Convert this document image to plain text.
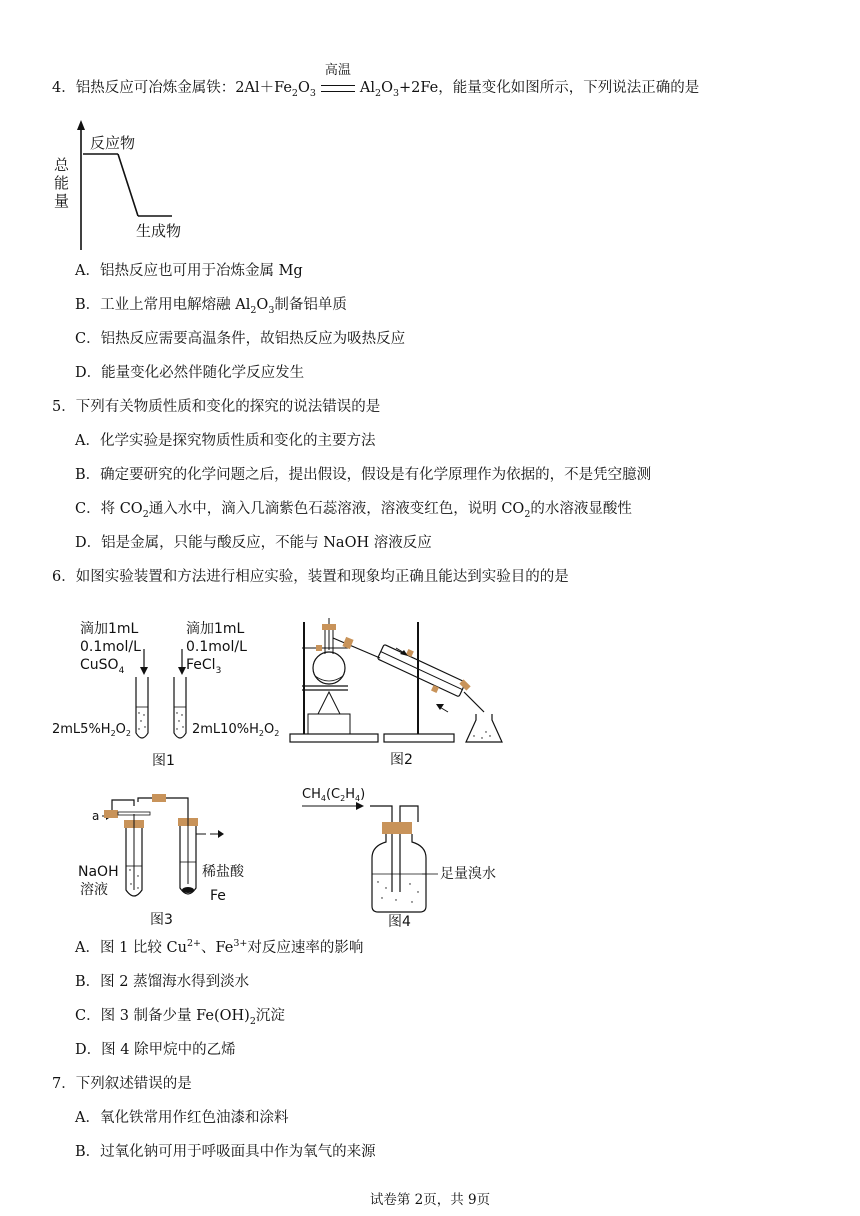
4．铝热反应可冶炼金属铁：$2Al+Fe_2O_3$
高温
$Al_2O_3+2Fe$，能量变化如图所示，下列说法正确的是
总
能
量
反应物
生成物
A．铝热反应也可用于冶炼金属 Mg
B．工业上常用电解熔融 $Al_2O_3$制备铝单质
C．铝热反应需要高温条件，故铝热反应为吸热反应
D．能量变化必然伴随化学反应发生
5．下列有关物质性质和变化的探究的说法错误的是
A．化学实验是探究物质性质和变化的主要方法
B．确定要研究的化学问题之后，提出假设，假设是有化学原理作为依据的，不是凭空臆测
C．将 $CO_2$通入水中，滴入几滴紫色石蕊溶液，溶液变红色，说明 $CO_2$的水溶液显酸性
D．铝是金属，只能与酸反应，不能与 NaOH 溶液反应
6．如图实验装置和方法进行相应实验，装置和现象均正确且能达到实验目的的是
滴加1mL
0.1mol/L
CuSO$_4$
滴加1mL
0.1mol/L
FeCl$_3$
$2mL5\%H_2O_2$	$2mL10\%H_2O_2$
图1	图2
a
NaOH
溶液
稀盐酸
Fe
图3
$CH_4(C_2H_4)$
足量溴水
图4
A．图 1 比较 $Cu^{2+}$、$Fe^{3+}$对反应速率的影响
B．图 2 蒸馏海水得到淡水
C．图 3 制备少量 $Fe(OH)_2$沉淀
D．图 4 除甲烷中的乙烯
7．下列叙述错误的是
A．氧化铁常用作红色油漆和涂料
B．过氧化钠可用于呼吸面具中作为氧气的来源
试卷第 2页，共 9页
